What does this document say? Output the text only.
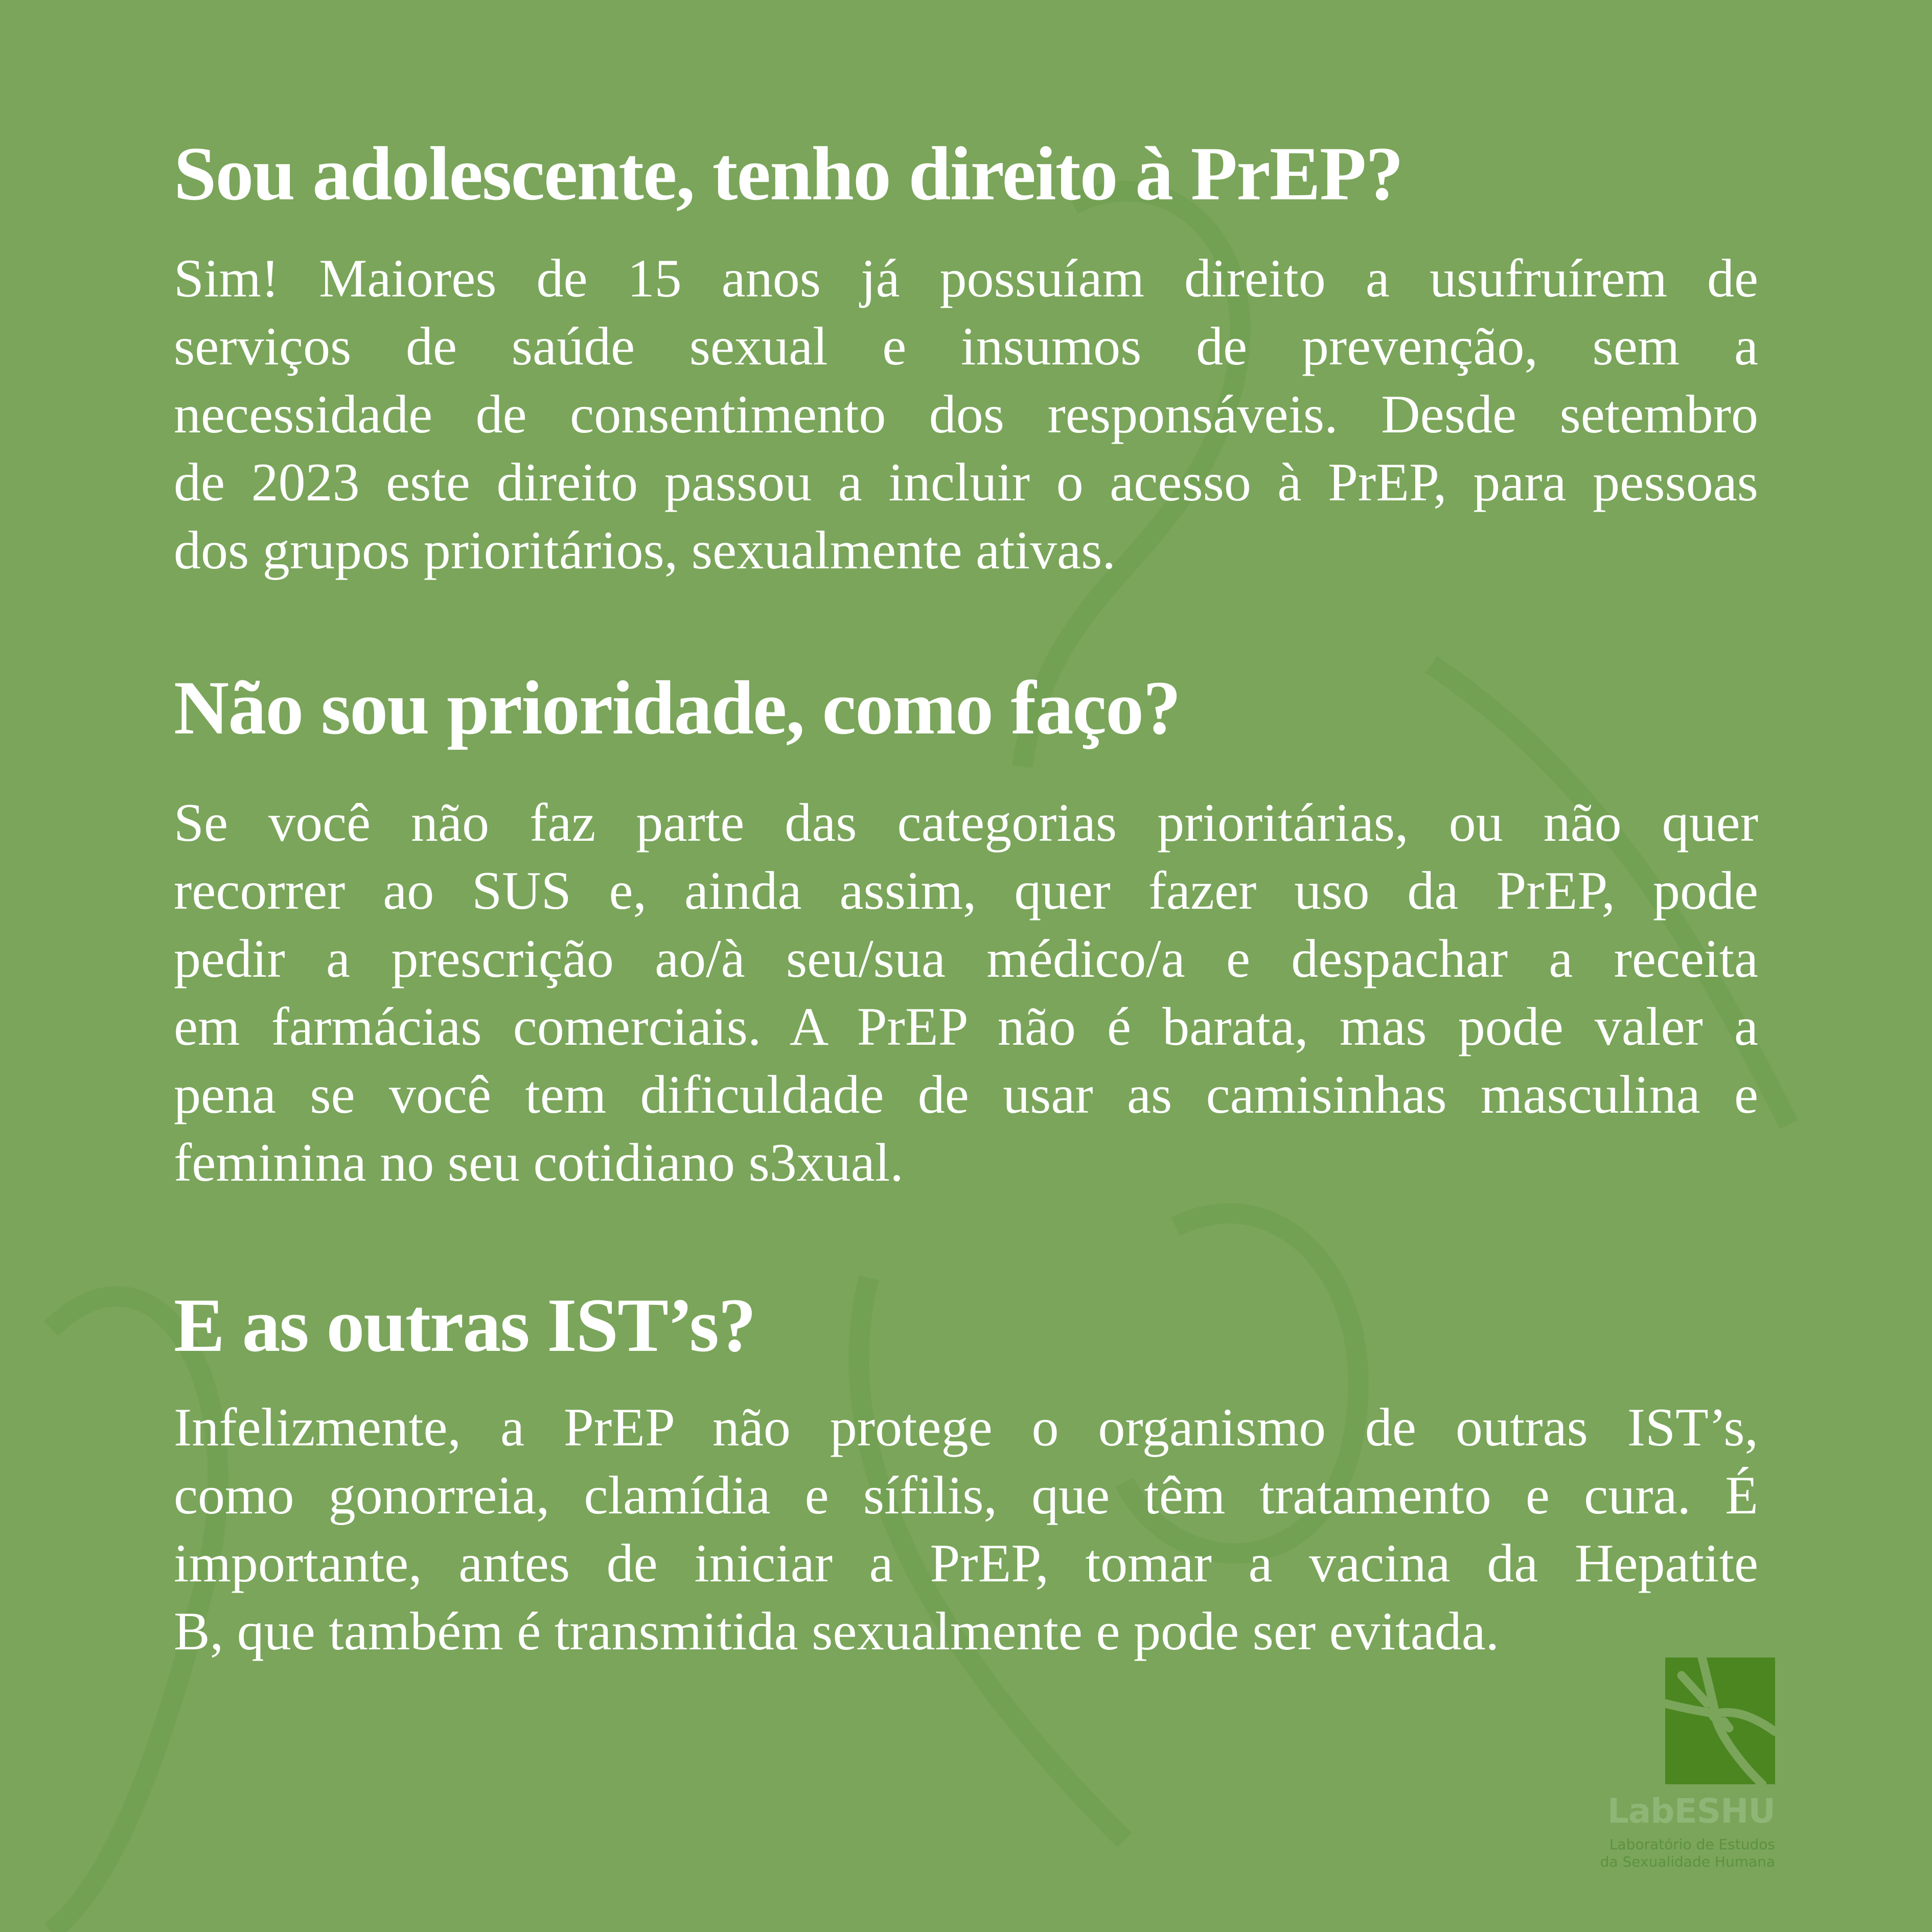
Sou adolescente, tenho direito à PrEP?
Sim! Maiores de 15 anos já possuíam direito a usufruírem de
serviços de saúde sexual e insumos de prevenção, sem a
necessidade de consentimento dos responsáveis. Desde setembro
de 2023 este direito passou a incluir o acesso à PrEP, para pessoas
dos grupos prioritários, sexualmente ativas.
Não sou prioridade, como faço?
Se você não faz parte das categorias prioritárias, ou não quer
recorrer ao SUS e, ainda assim, quer fazer uso da PrEP, pode
pedir a prescrição ao/à seu/sua médico/a e despachar a receita
em farmácias comerciais. A PrEP não é barata, mas pode valer a
pena se você tem dificuldade de usar as camisinhas masculina e
feminina no seu cotidiano s3xual.
E as outras IST’s?
Infelizmente, a PrEP não protege o organismo de outras IST’s,
como gonorreia, clamídia e sífilis, que têm tratamento e cura. É
importante, antes de iniciar a PrEP, tomar a vacina da Hepatite
B, que também é transmitida sexualmente e pode ser evitada.
LabESHU
Laboratório de Estudos
da Sexualidade Humana
